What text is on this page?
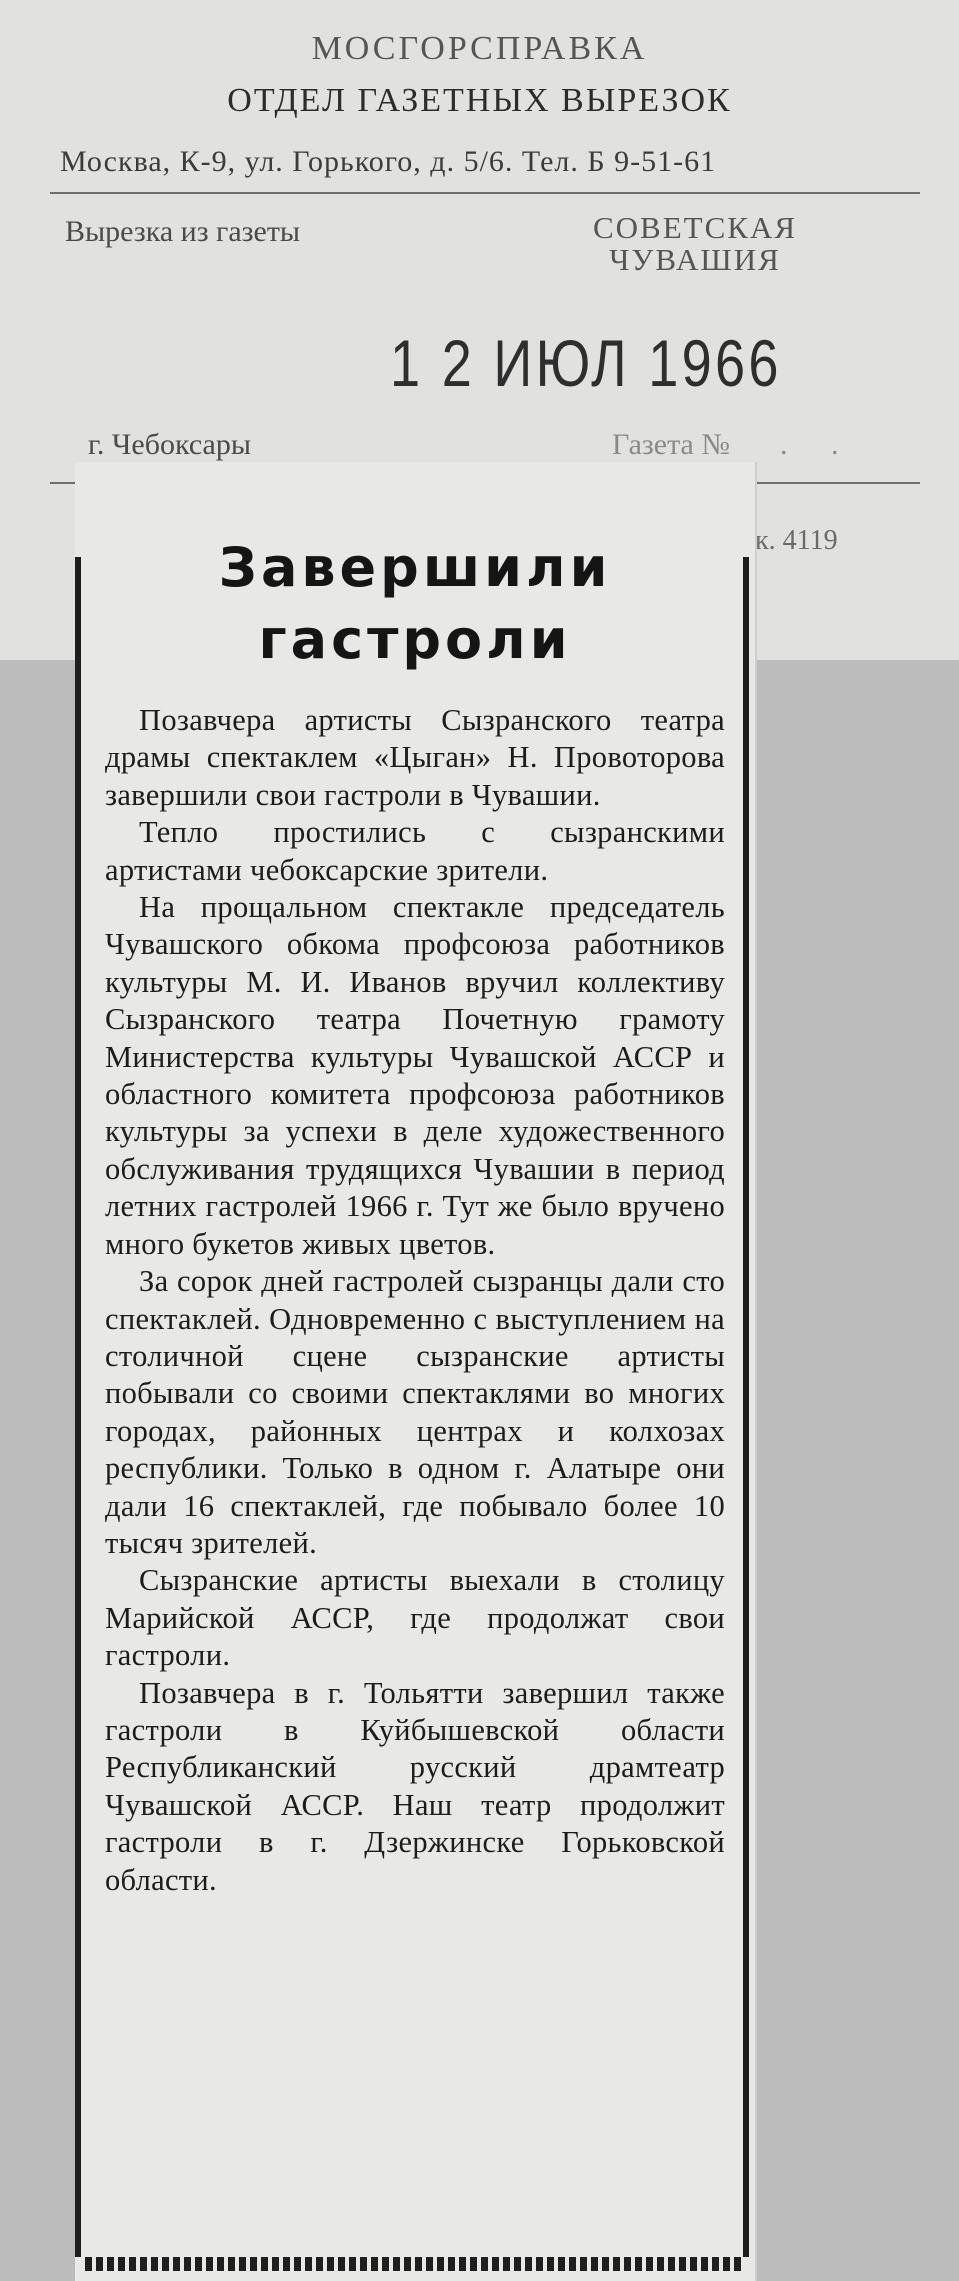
МОСГОРСПРАВКА
ОТДЕЛ ГАЗЕТНЫХ ВЫРЕЗОК
Москва, К-9, ул. Горького, д. 5/6. Тел. Б 9-51-61
Вырезка из газеты	СОВЕТСКАЯ
ЧУВАШИЯ
1 2 ИЮЛ 1966
г. Чебоксары	Газета № . .
к. 4119
Завершили
гастроли

Позавчера артисты Сызранского театра драмы спектаклем «Цыган» Н. Провоторова завершили свои гастроли в Чувашии.

Тепло простились с сызранскими артистами чебоксарские зрители.

На прощальном спектакле председатель Чувашского обкома профсоюза работников культуры М. И. Иванов вручил коллективу Сызранского театра Почетную грамоту Министерства культуры Чувашской АССР и областного комитета профсоюза работников культуры за успехи в деле художественного обслуживания трудящихся Чувашии в период летних гастролей 1966 г. Тут же было вручено много букетов живых цветов.

За сорок дней гастролей сызранцы дали сто спектаклей. Одновременно с выступлением на столичной сцене сызранские артисты побывали со своими спектаклями во многих городах, районных центрах и колхозах республики. Только в одном г. Алатыре они дали 16 спектаклей, где побывало более 10 тысяч зрителей.

Сызранские артисты выехали в столицу Марийской АССР, где продолжат свои гастроли.

Позавчера в г. Тольятти завершил также гастроли в Куйбышевской области Республиканский русский драмтеатр Чувашской АССР. Наш театр продолжит гастроли в г. Дзержинске Горьковской области.
